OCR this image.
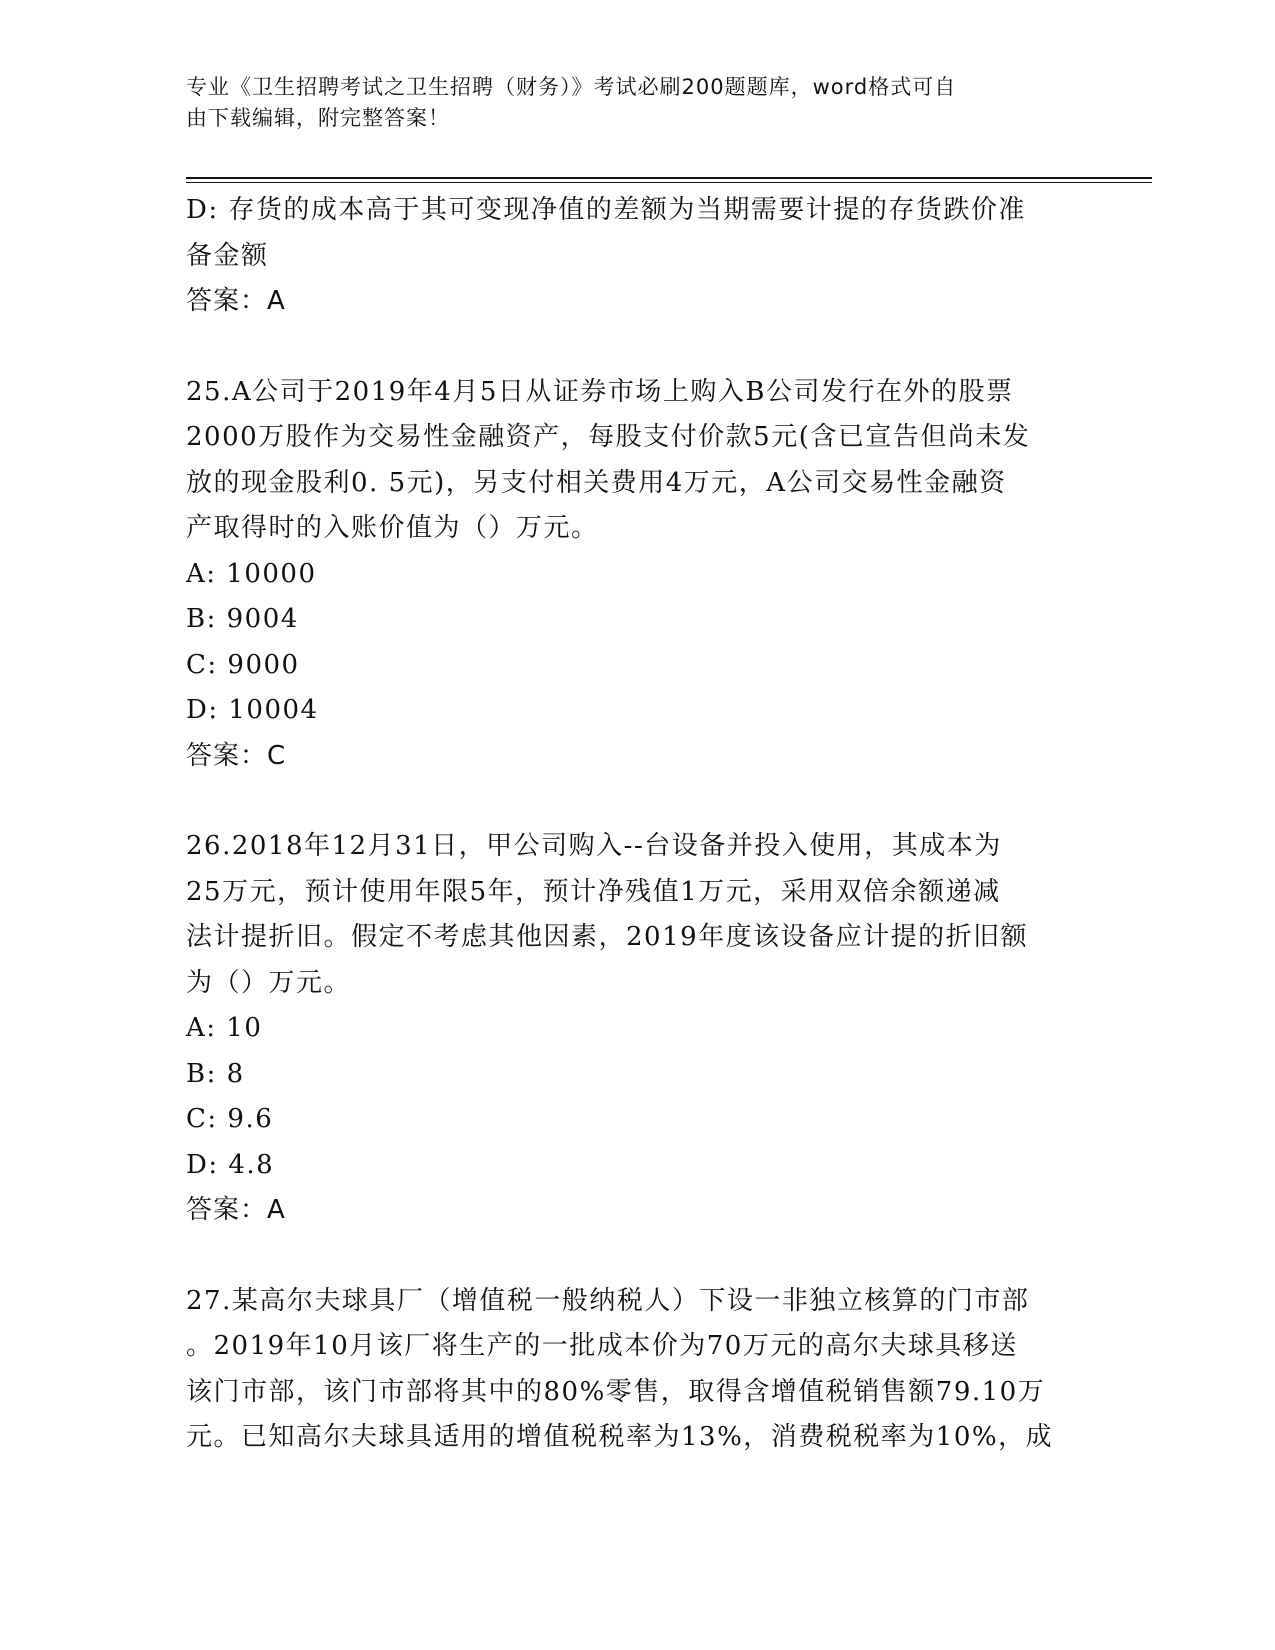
专业《卫生招聘考试之卫生招聘（财务）》考试必刷200题题库，word格式可自
由下载编辑，附完整答案！

D: 存货的成本高于其可变现净值的差额为当期需要计提的存货跌价准

备金额

答案：A

25.A公司于2019年4月5日从证券市场上购入B公司发行在外的股票

2000万股作为交易性金融资产，每股支付价款5元(含已宣告但尚未发

放的现金股利0. 5元)，另支付相关费用4万元，A公司交易性金融资

产取得时的入账价值为（）万元。

A: 10000

B: 9004

C: 9000

D: 10004

答案：C

26.2018年12月31日，甲公司购入--台设备并投入使用，其成本为

25万元，预计使用年限5年，预计净残值1万元，采用双倍余额递减

法计提折旧。假定不考虑其他因素，2019年度该设备应计提的折旧额

为（）万元。

A: 10

B: 8

C: 9.6

D: 4.8

答案：A

27.某高尔夫球具厂（增值税一般纳税人）下设一非独立核算的门市部

。2019年10月该厂将生产的一批成本价为70万元的高尔夫球具移送

该门市部，该门市部将其中的80%零售，取得含增值税销售额79.10万

元。已知高尔夫球具适用的增值税税率为13%，消费税税率为10%，成
